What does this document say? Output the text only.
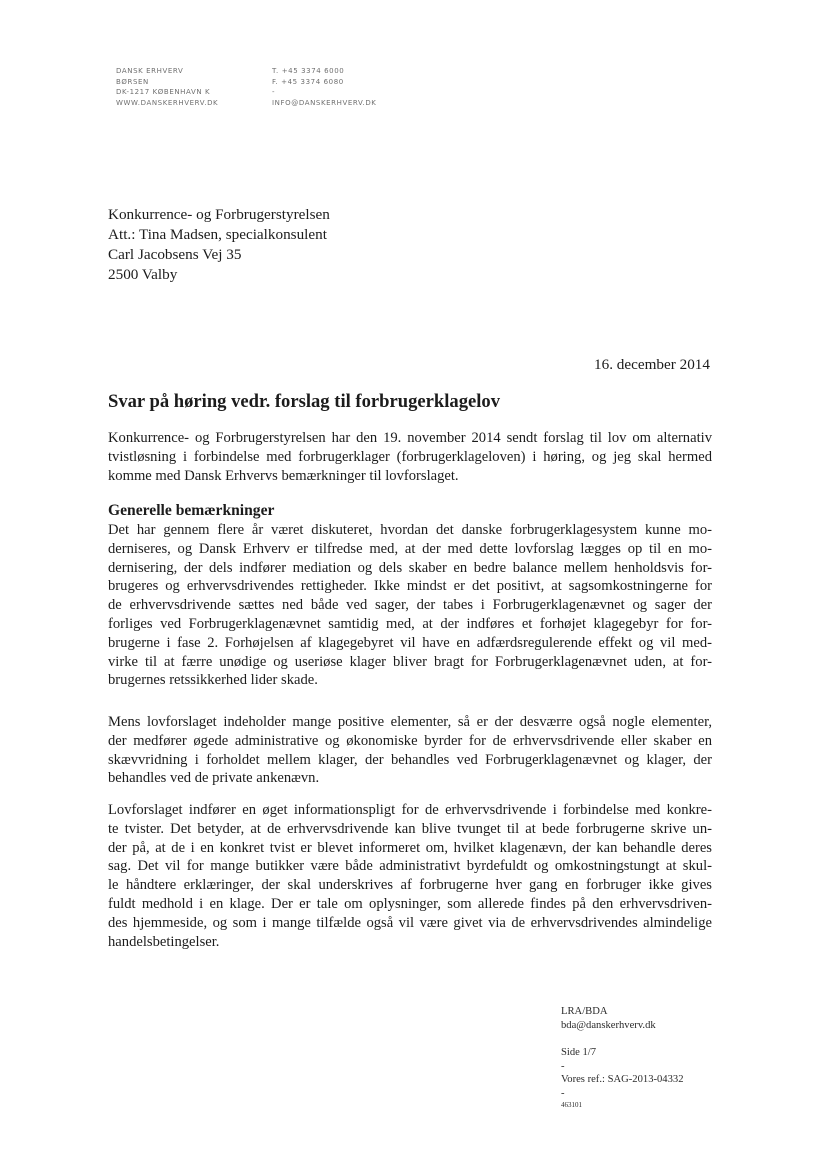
DANSK ERHVERV
BØRSEN
DK-1217 KØBENHAVN K
WWW.DANSKERHVERV.DK
T. +45 3374 6000
F. +45 3374 6080
-
INFO@DANSKERHVERV.DK
Konkurrence- og Forbrugerstyrelsen
Att.: Tina Madsen, specialkonsulent
Carl Jacobsens Vej 35
2500 Valby
16. december 2014
Svar på høring vedr. forslag til forbrugerklagelov
Konkurrence- og Forbrugerstyrelsen har den 19. november 2014 sendt forslag til lov om alternativ
tvistløsning i forbindelse med forbrugerklager (forbrugerklageloven) i høring, og jeg skal hermed
komme med Dansk Erhvervs bemærkninger til lovforslaget.
Generelle bemærkninger
Det har gennem flere år været diskuteret, hvordan det danske forbrugerklagesystem kunne mo-
derniseres, og Dansk Erhverv er tilfredse med, at der med dette lovforslag lægges op til en mo-
dernisering, der dels indfører mediation og dels skaber en bedre balance mellem henholdsvis for-
brugeres og erhvervsdrivendes rettigheder. Ikke mindst er det positivt, at sagsomkostningerne for
de erhvervsdrivende sættes ned både ved sager, der tabes i Forbrugerklagenævnet og sager der
forliges ved Forbrugerklagenævnet samtidig med, at der indføres et forhøjet klagegebyr for for-
brugerne i fase 2. Forhøjelsen af klagegebyret vil have en adfærdsregulerende effekt og vil med-
virke til at færre unødige og useriøse klager bliver bragt for Forbrugerklagenævnet uden, at for-
brugernes retssikkerhed lider skade.
Mens lovforslaget indeholder mange positive elementer, så er der desværre også nogle elementer,
der medfører øgede administrative og økonomiske byrder for de erhvervsdrivende eller skaber en
skævvridning i forholdet mellem klager, der behandles ved Forbrugerklagenævnet og klager, der
behandles ved de private ankenævn.
Lovforslaget indfører en øget informationspligt for de erhvervsdrivende i forbindelse med konkre-
te tvister. Det betyder, at de erhvervsdrivende kan blive tvunget til at bede forbrugerne skrive un-
der på, at de i en konkret tvist er blevet informeret om, hvilket klagenævn, der kan behandle deres
sag. Det vil for mange butikker være både administrativt byrdefuldt og omkostningstungt at skul-
le håndtere erklæringer, der skal underskrives af forbrugerne hver gang en forbruger ikke gives
fuldt medhold i en klage. Der er tale om oplysninger, som allerede findes på den erhvervsdriven-
des hjemmeside, og som i mange tilfælde også vil være givet via de erhvervsdrivendes almindelige
handelsbetingelser.
LRA/BDA
bda@danskerhverv.dk
Side 1/7
-
Vores ref.: SAG-2013-04332
-
463101
